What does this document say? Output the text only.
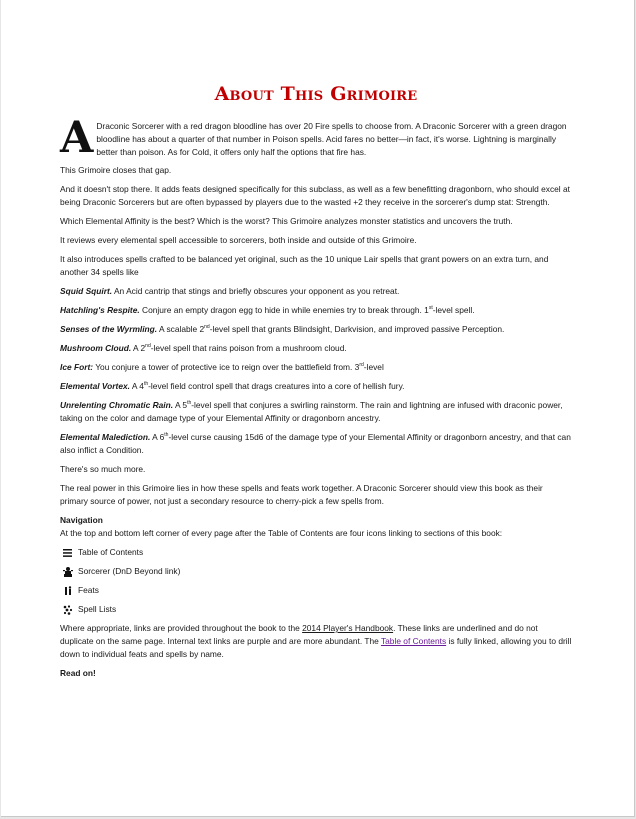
About This Grimoire

A Draconic Sorcerer with a red dragon bloodline has over 20 Fire spells to choose from. A Draconic Sorcerer with a green dragon bloodline has about a quarter of that number in Poison spells. Acid fares no better—in fact, it's worse. Lightning is marginally better than poison. As for Cold, it offers only half the options that fire has.

This Grimoire closes that gap.

And it doesn't stop there. It adds feats designed specifically for this subclass, as well as a few benefitting dragonborn, who should excel at being Draconic Sorcerers but are often bypassed by players due to the wasted +2 they receive in the sorcerer's dump stat: Strength.

Which Elemental Affinity is the best? Which is the worst? This Grimoire analyzes monster statistics and uncovers the truth.

It reviews every elemental spell accessible to sorcerers, both inside and outside of this Grimoire.

It also introduces spells crafted to be balanced yet original, such as the 10 unique Lair spells that grant powers on an extra turn, and another 34 spells like

Squid Squirt. An Acid cantrip that stings and briefly obscures your opponent as you retreat.

Hatchling's Respite. Conjure an empty dragon egg to hide in while enemies try to break through. 1st-level spell.

Senses of the Wyrmling. A scalable 2nd-level spell that grants Blindsight, Darkvision, and improved passive Perception.

Mushroom Cloud. A 2nd-level spell that rains poison from a mushroom cloud.

Ice Fort: You conjure a tower of protective ice to reign over the battlefield from. 3rd-level

Elemental Vortex. A 4th-level field control spell that drags creatures into a core of hellish fury.

Unrelenting Chromatic Rain. A 5th-level spell that conjures a swirling rainstorm. The rain and lightning are infused with draconic power, taking on the color and damage type of your Elemental Affinity or dragonborn ancestry.

Elemental Malediction. A 6th-level curse causing 15d6 of the damage type of your Elemental Affinity or dragonborn ancestry, and that can also inflict a Condition.

There's so much more.

The real power in this Grimoire lies in how these spells and feats work together. A Draconic Sorcerer should view this book as their primary source of power, not just a secondary resource to cherry-pick a few spells from.

Navigation

At the top and bottom left corner of every page after the Table of Contents are four icons linking to sections of this book:

Table of Contents
Sorcerer (DnD Beyond link)
Feats
Spell Lists

Where appropriate, links are provided throughout the book to the 2014 Player's Handbook. These links are underlined and do not duplicate on the same page. Internal text links are purple and are more abundant. The Table of Contents is fully linked, allowing you to drill down to individual feats and spells by name.

Read on!
